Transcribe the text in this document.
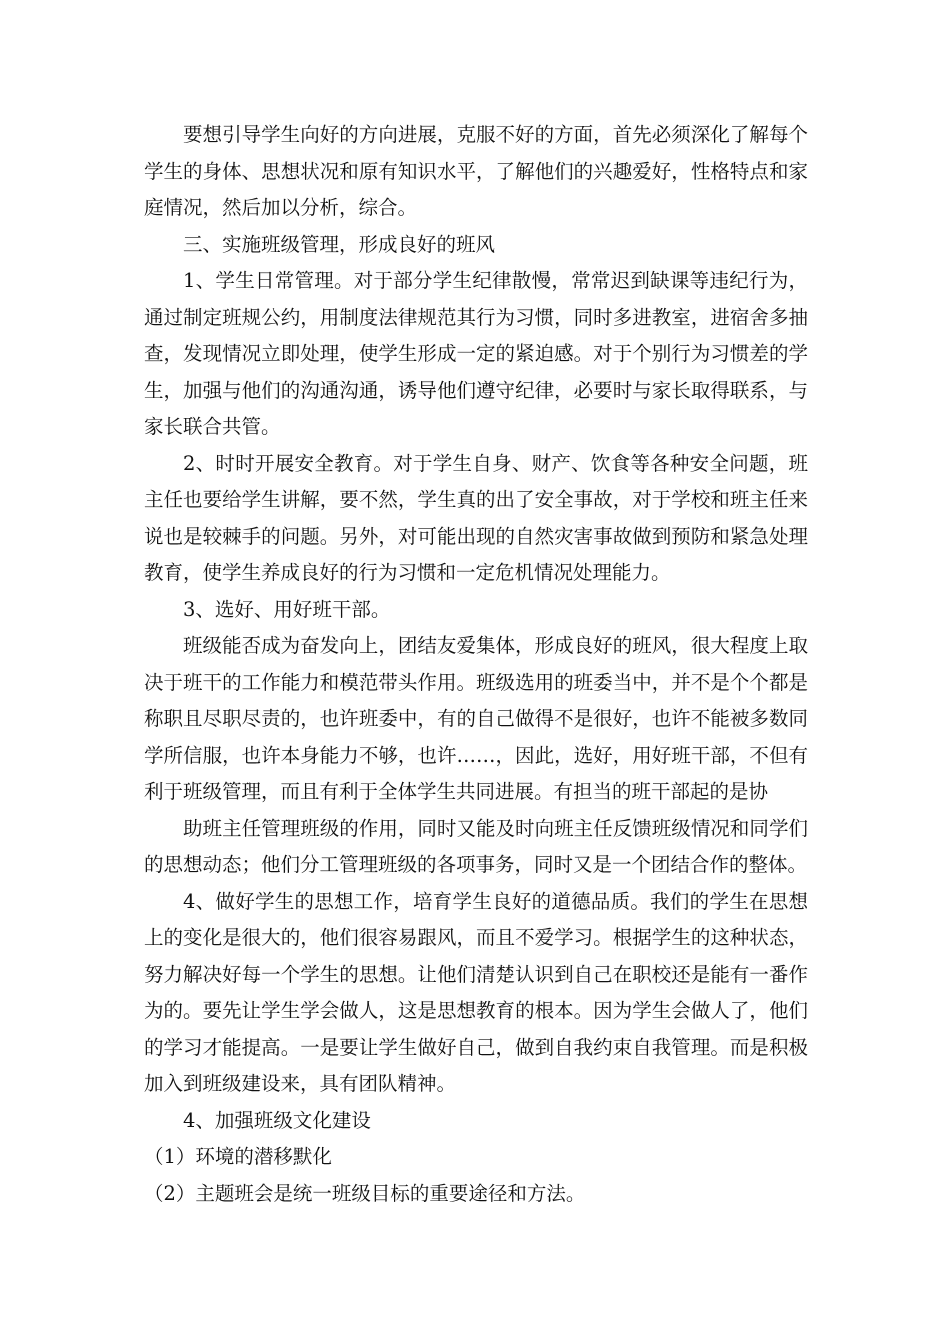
要想引导学生向好的方向进展，克服不好的方面，首先必须深化了解每个学生的身体、思想状况和原有知识水平，了解他们的兴趣爱好，性格特点和家庭情况，然后加以分析，综合。

三、实施班级管理，形成良好的班风

1、学生日常管理。对于部分学生纪律散慢，常常迟到缺课等违纪行为，通过制定班规公约，用制度法律规范其行为习惯，同时多进教室，进宿舍多抽查，发现情况立即处理，使学生形成一定的紧迫感。对于个别行为习惯差的学生，加强与他们的沟通沟通，诱导他们遵守纪律，必要时与家长取得联系，与家长联合共管。

2、时时开展安全教育。对于学生自身、财产、饮食等各种安全问题，班主任也要给学生讲解，要不然，学生真的出了安全事故，对于学校和班主任来说也是较棘手的问题。另外，对可能出现的自然灾害事故做到预防和紧急处理教育，使学生养成良好的行为习惯和一定危机情况处理能力。

3、选好、用好班干部。

班级能否成为奋发向上，团结友爱集体，形成良好的班风，很大程度上取决于班干的工作能力和模范带头作用。班级选用的班委当中，并不是个个都是称职且尽职尽责的，也许班委中，有的自己做得不是很好，也许不能被多数同学所信服，也许本身能力不够，也许……，因此，选好，用好班干部，不但有利于班级管理，而且有利于全体学生共同进展。有担当的班干部起的是协

助班主任管理班级的作用，同时又能及时向班主任反馈班级情况和同学们的思想动态；他们分工管理班级的各项事务，同时又是一个团结合作的整体。

4、做好学生的思想工作，培育学生良好的道德品质。我们的学生在思想上的变化是很大的，他们很容易跟风，而且不爱学习。根据学生的这种状态，努力解决好每一个学生的思想。让他们清楚认识到自己在职校还是能有一番作为的。要先让学生学会做人，这是思想教育的根本。因为学生会做人了，他们的学习才能提高。一是要让学生做好自己，做到自我约束自我管理。而是积极加入到班级建设来，具有团队精神。

4、加强班级文化建设

（1）环境的潜移默化

（2）主题班会是统一班级目标的重要途径和方法。
